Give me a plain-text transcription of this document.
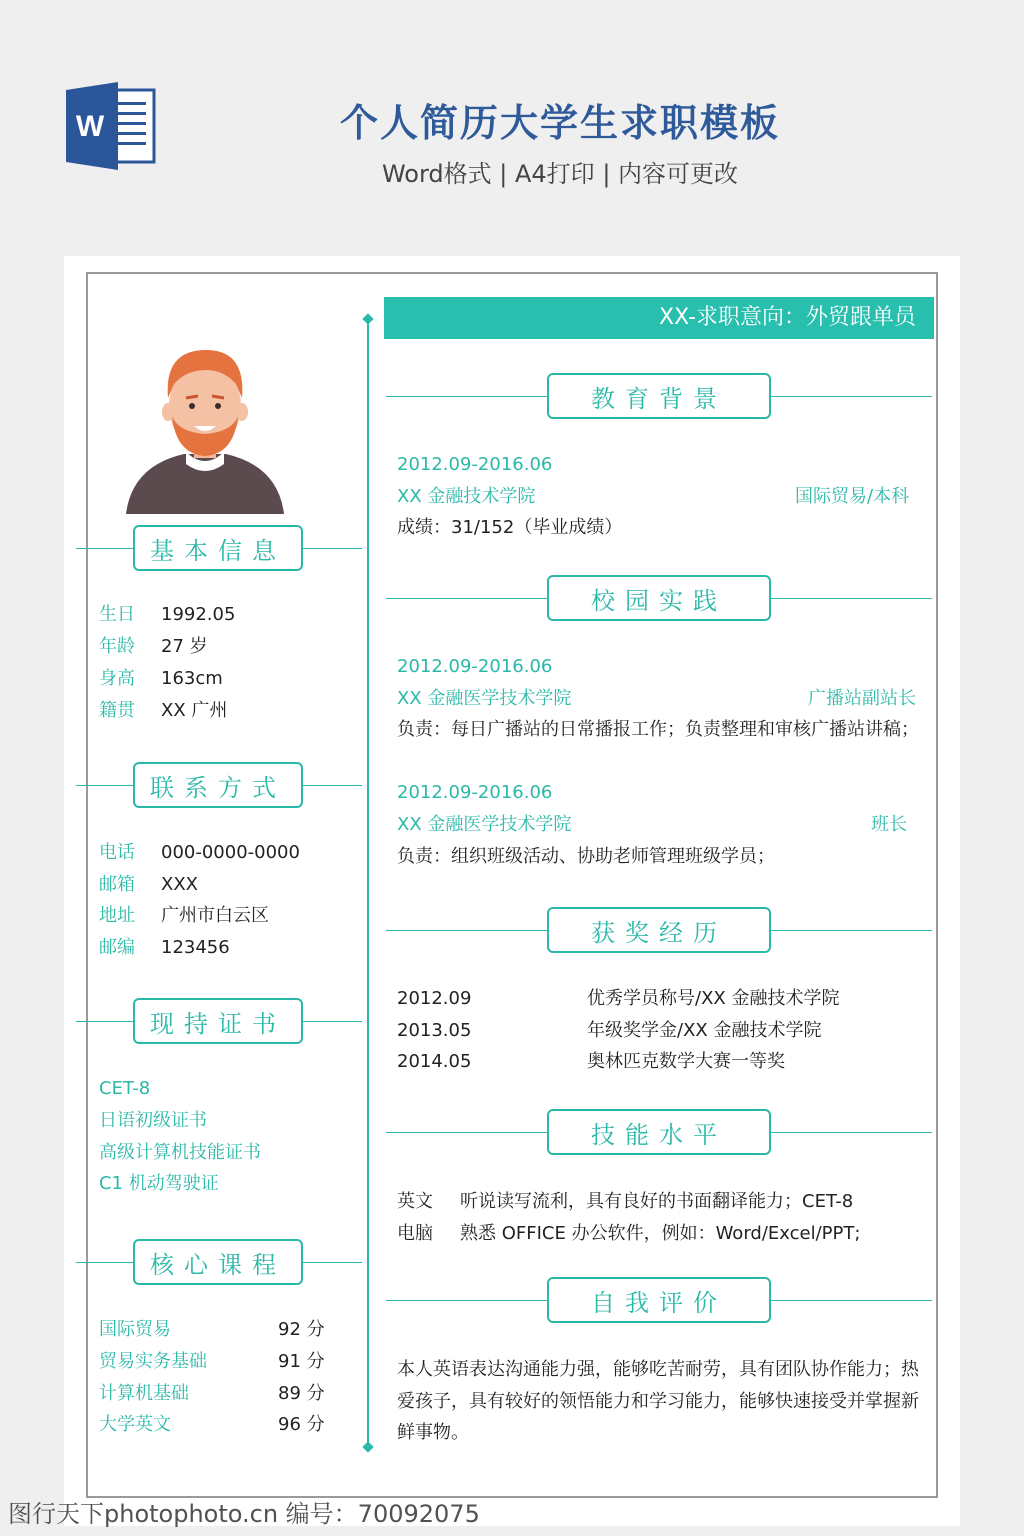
W	个人简历大学生求职模板
Word格式 | A4打印 | 内容可更改
基本信息
生日 1992.05
年龄 27 岁
身高 163cm
籍贯 XX 广州
联系方式
电话 000-0000-0000
邮箱 XXX
地址 广州市白云区
邮编 123456
现持证书
CET-8
日语初级证书
高级计算机技能证书
C1 机动驾驶证
核心课程
国际贸易	92 分
贸易实务基础	91 分
计算机基础	89 分
大学英文	96 分
XX-求职意向：外贸跟单员
教育背景
2012.09-2016.06
XX 金融技术学院	国际贸易/本科
成绩：31/152（毕业成绩）
校园实践
2012.09-2016.06
XX 金融医学技术学院	广播站副站长
负责：每日广播站的日常播报工作；负责整理和审核广播站讲稿；
2012.09-2016.06
XX 金融医学技术学院	班长
负责：组织班级活动、协助老师管理班级学员；
获奖经历
2012.09	优秀学员称号/XX 金融技术学院
2013.05	年级奖学金/XX 金融技术学院
2014.05	奥林匹克数学大赛一等奖
技能水平
英文 听说读写流利，具有良好的书面翻译能力；CET-8
电脑 熟悉 OFFICE 办公软件，例如：Word/Excel/PPT;
自我评价
本人英语表达沟通能力强，能够吃苦耐劳，具有团队协作能力；热
爱孩子，具有较好的领悟能力和学习能力，能够快速接受并掌握新
鲜事物。
图行天下photophoto.cn 编号：70092075
